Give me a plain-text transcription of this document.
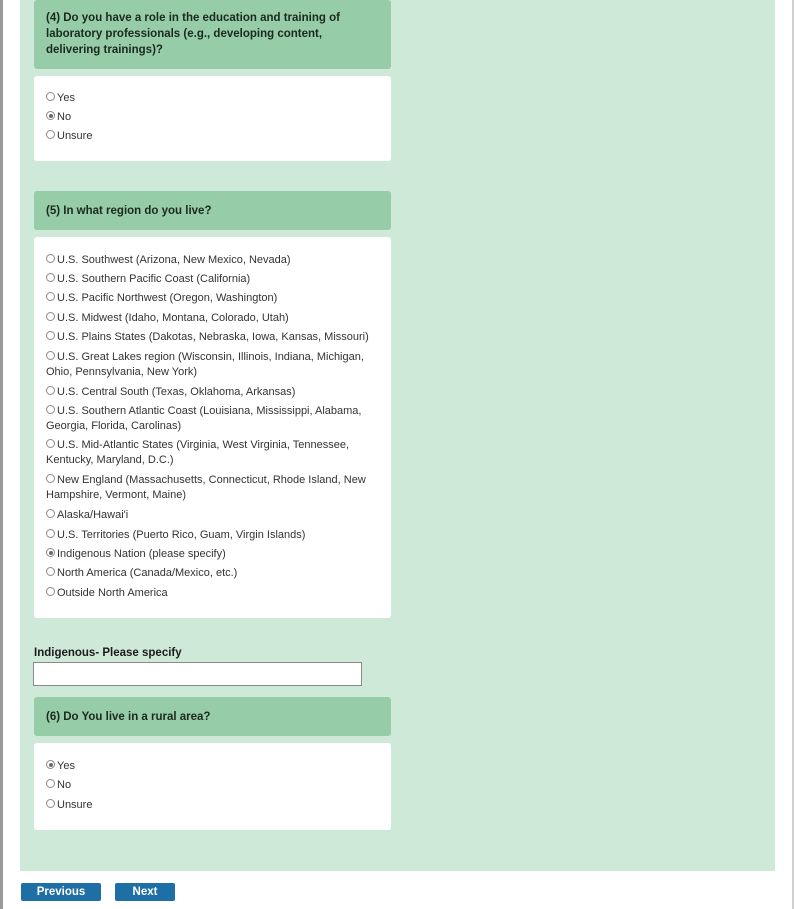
(4) Do you have a role in the education and training of laboratory professionals (e.g., developing content, delivering trainings)?
Yes
No
Unsure
(5) In what region do you live?
U.S. Southwest (Arizona, New Mexico, Nevada)
U.S. Southern Pacific Coast (California)
U.S. Pacific Northwest (Oregon, Washington)
U.S. Midwest (Idaho, Montana, Colorado, Utah)
U.S. Plains States (Dakotas, Nebraska, Iowa, Kansas, Missouri)
U.S. Great Lakes region (Wisconsin, Illinois, Indiana, Michigan, Ohio, Pennsylvania, New York)
U.S. Central South (Texas, Oklahoma, Arkansas)
U.S. Southern Atlantic Coast (Louisiana, Mississippi, Alabama, Georgia, Florida, Carolinas)
U.S. Mid-Atlantic States (Virginia, West Virginia, Tennessee, Kentucky, Maryland, D.C.)
New England (Massachusetts, Connecticut, Rhode Island, New Hampshire, Vermont, Maine)
Alaska/Hawai'i
U.S. Territories (Puerto Rico, Guam, Virgin Islands)
Indigenous Nation (please specify)
North America (Canada/Mexico, etc.)
Outside North America
Indigenous- Please specify
(6) Do You live in a rural area?
Yes
No
Unsure
Previous	Next
